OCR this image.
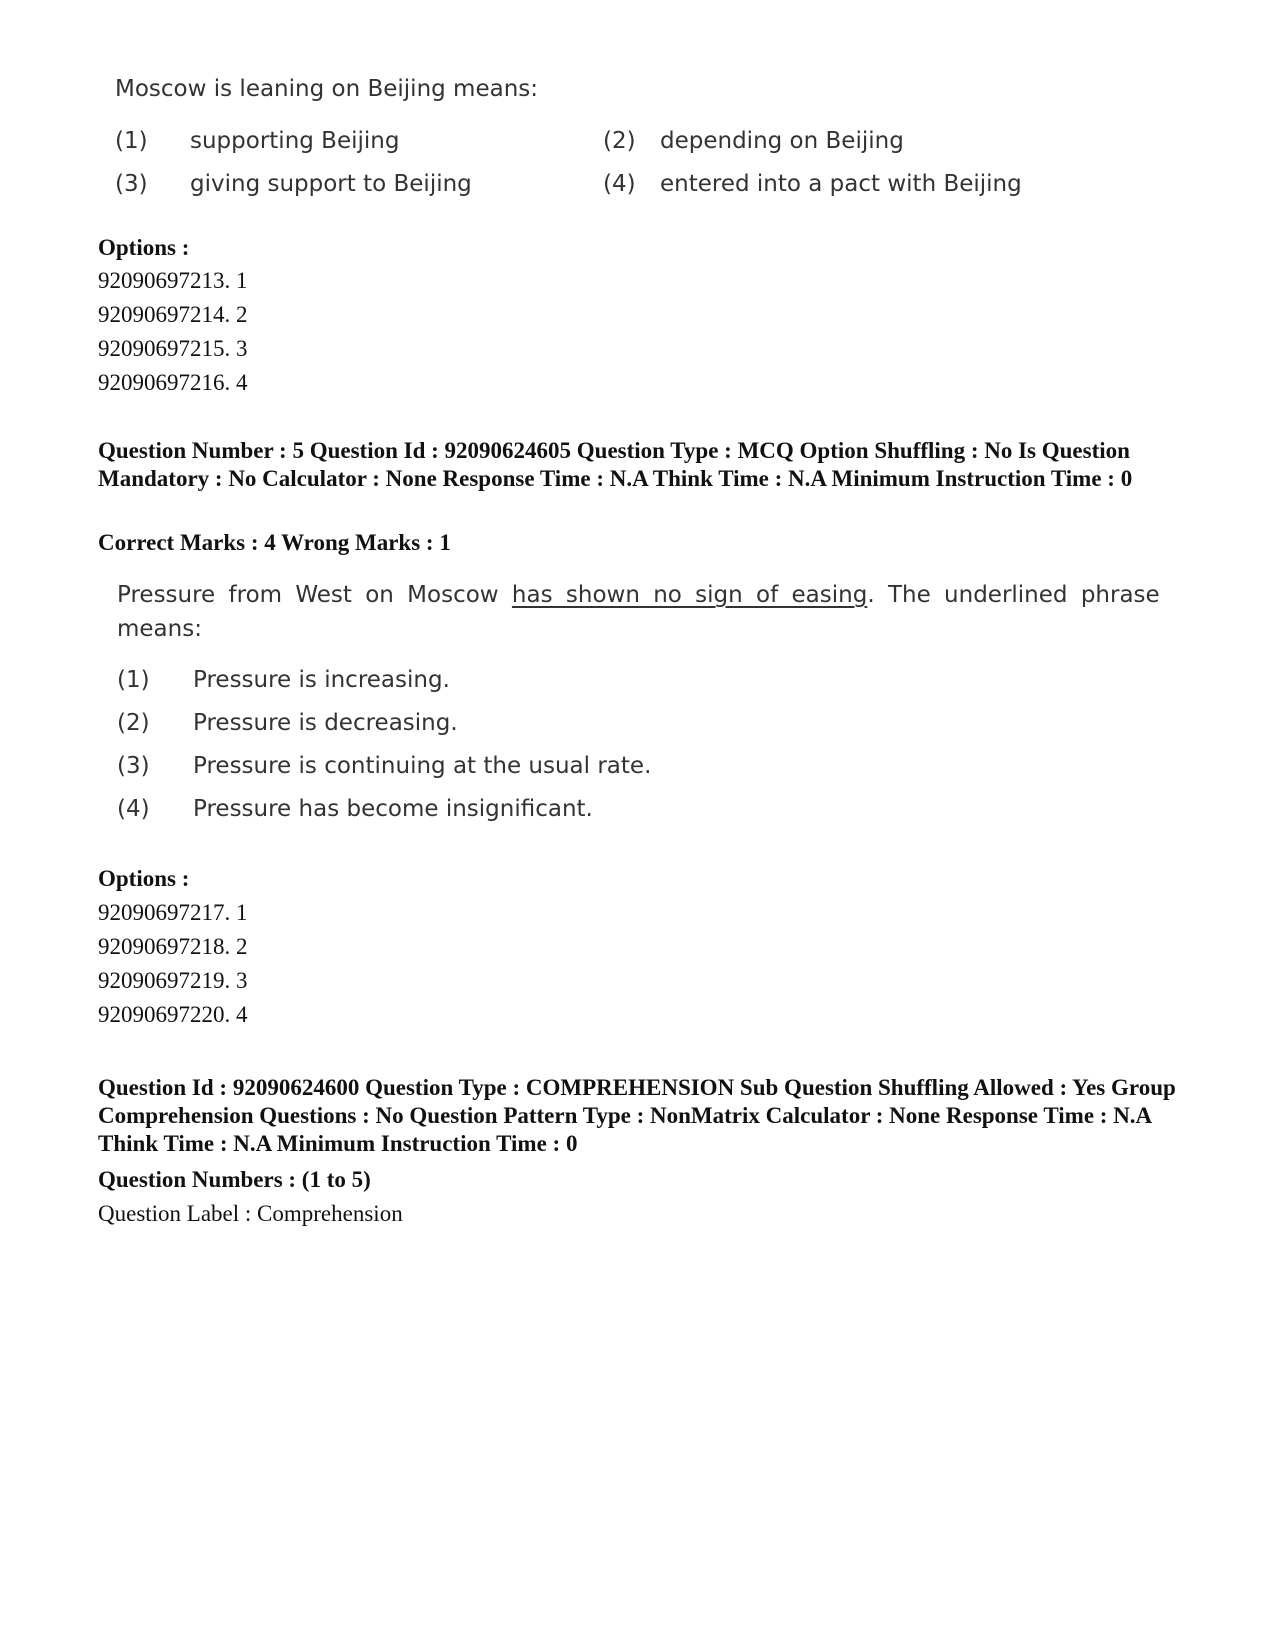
Moscow is leaning on Beijing means:
(1) supporting Beijing	(2) depending on Beijing
(3) giving support to Beijing	(4) entered into a pact with Beijing
Options :
92090697213. 1
92090697214. 2
92090697215. 3
92090697216. 4
Question Number : 5 Question Id : 92090624605 Question Type : MCQ Option Shuffling : No Is Question Mandatory : No Calculator : None Response Time : N.A Think Time : N.A Minimum Instruction Time : 0
Correct Marks : 4 Wrong Marks : 1
Pressure from West on Moscow has shown no sign of easing. The underlined phrase
means:
(1) Pressure is increasing.
(2) Pressure is decreasing.
(3) Pressure is continuing at the usual rate.
(4) Pressure has become insignificant.
Options :
92090697217. 1
92090697218. 2
92090697219. 3
92090697220. 4
Question Id : 92090624600 Question Type : COMPREHENSION Sub Question Shuffling Allowed : Yes Group Comprehension Questions : No Question Pattern Type : NonMatrix Calculator : None Response Time : N.A Think Time : N.A Minimum Instruction Time : 0
Question Numbers : (1 to 5)
Question Label : Comprehension
